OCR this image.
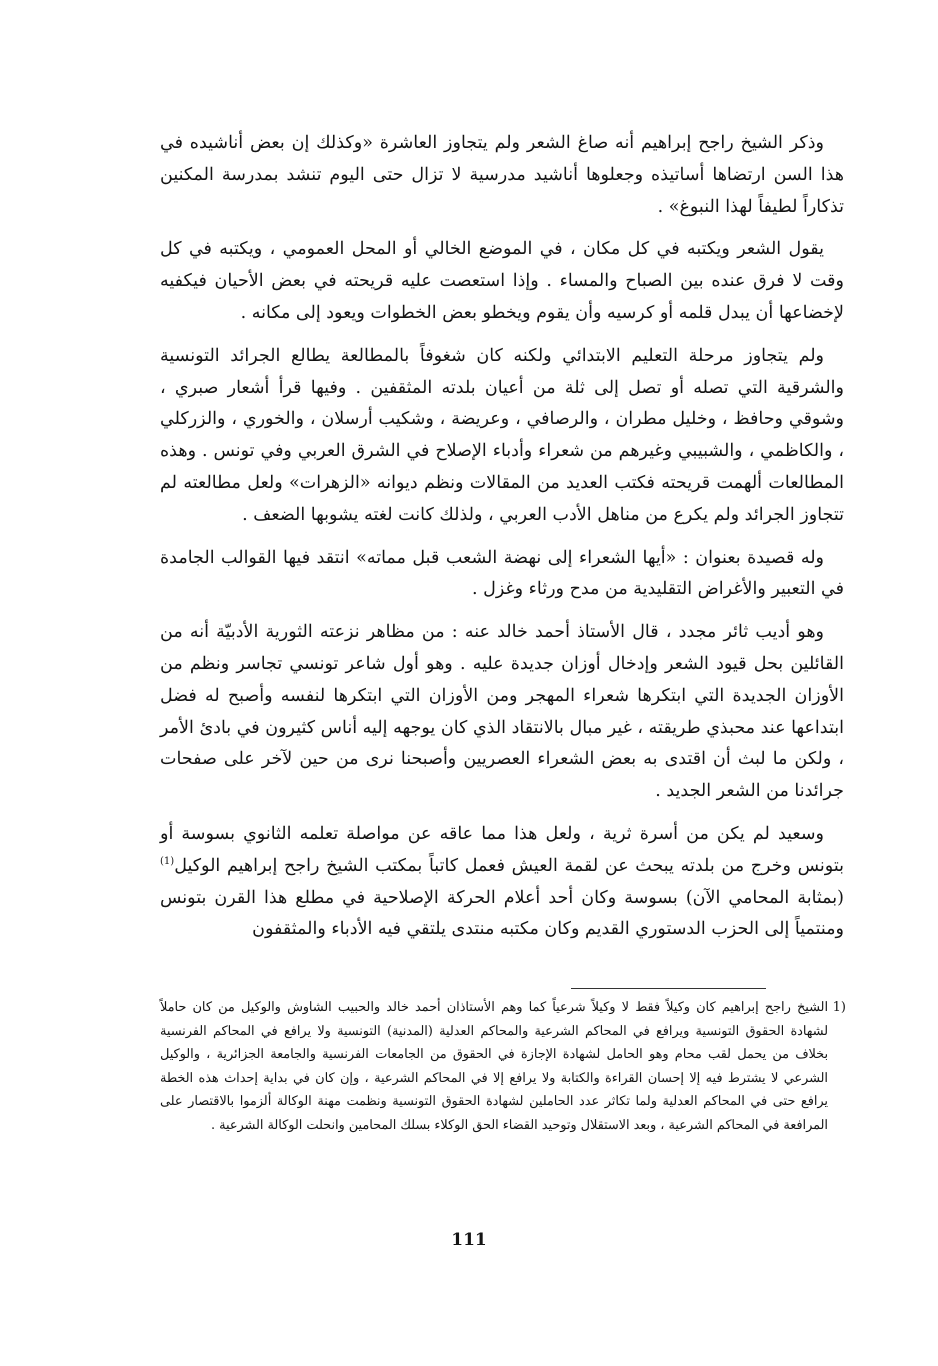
وذكر الشيخ راجح إبراهيم أنه صاغ الشعر ولم يتجاوز العاشرة «وكذلك إن بعض أناشيده في هذا السن ارتضاها أساتيذه وجعلوها أناشيد مدرسية لا تزال حتى اليوم تنشد بمدرسة المكنين تذكاراً لطيفاً لهذا النبوغ» .

يقول الشعر ويكتبه في كل مكان ، في الموضع الخالي أو المحل العمومي ، ويكتبه في كل وقت لا فرق عنده بين الصباح والمساء . وإذا استعصت عليه قريحته في بعض الأحيان فيكفيه لإخضاعها أن يبدل قلمه أو كرسيه وأن يقوم ويخطو بعض الخطوات ويعود إلى مكانه .

ولم يتجاوز مرحلة التعليم الابتدائي ولكنه كان شغوفاً بالمطالعة يطالع الجرائد التونسية والشرقية التي تصله أو تصل إلى ثلة من أعيان بلدته المثقفين . وفيها قرأ أشعار صبري ، وشوقي وحافظ ، وخليل مطران ، والرصافي ، وعريضة ، وشكيب أرسلان ، والخوري ، والزركلي ، والكاظمي ، والشبيبي وغيرهم من شعراء وأدباء الإصلاح في الشرق العربي وفي تونس . وهذه المطالعات ألهمت قريحته فكتب العديد من المقالات ونظم ديوانه «الزهرات» ولعل مطالعته لم تتجاوز الجرائد ولم يكرع من مناهل الأدب العربي ، ولذلك كانت لغته يشوبها الضعف .

وله قصيدة بعنوان : «أيها الشعراء إلى نهضة الشعب قبل مماته» انتقد فيها القوالب الجامدة في التعبير والأغراض التقليدية من مدح ورثاء وغزل .

وهو أديب ثائر مجدد ، قال الأستاذ أحمد خالد عنه : من مظاهر نزعته الثورية الأدبيّة أنه من القائلين بحل قيود الشعر وإدخال أوزان جديدة عليه . وهو أول شاعر تونسي تجاسر ونظم من الأوزان الجديدة التي ابتكرها شعراء المهجر ومن الأوزان التي ابتكرها لنفسه وأصبح له فضل ابتداعها عند محبذي طريقته ، غير مبال بالانتقاد الذي كان يوجهه إليه أناس كثيرون في بادئ الأمر ، ولكن ما لبث أن اقتدى به بعض الشعراء العصريين وأصبحنا نرى من حين لآخر على صفحات جرائدنا من الشعر الجديد .

وسعيد لم يكن من أسرة ثرية ، ولعل هذا مما عاقه عن مواصلة تعلمه الثانوي بسوسة أو بتونس وخرج من بلدته يبحث عن لقمة العيش فعمل كاتباً بمكتب الشيخ راجح إبراهيم الوكيل$^{(1)}$ (بمثابة المحامي الآن) بسوسة وكان أحد أعلام الحركة الإصلاحية في مطلع هذا القرن بتونس ومنتمياً إلى الحزب الدستوري القديم وكان مكتبه منتدى يلتقي فيه الأدباء والمثقفون

(1
الشيخ راجح إبراهيم كان وكيلاً فقط لا وكيلاً شرعياً كما وهم الأستاذان أحمد خالد والحبيب الشاوش والوكيل من كان حاملاً لشهادة الحقوق التونسية ويرافع في المحاكم الشرعية والمحاكم العدلية (المدنية) التونسية ولا يرافع في المحاكم الفرنسية بخلاف من يحمل لقب محام وهو الحامل لشهادة الإجازة في الحقوق من الجامعات الفرنسية والجامعة الجزائرية ، والوكيل الشرعي لا يشترط فيه إلا إحسان القراءة والكتابة ولا يرافع إلا في المحاكم الشرعية ، وإن كان في بداية إحداث هذه الخطة يرافع حتى في المحاكم العدلية ولما تكاثر عدد الحاملين لشهادة الحقوق التونسية ونظمت مهنة الوكالة ألزموا بالاقتصار على المرافعة في المحاكم الشرعية ، وبعد الاستقلال وتوحيد القضاء الحق الوكلاء بسلك المحامين وانحلت الوكالة الشرعية .
111
